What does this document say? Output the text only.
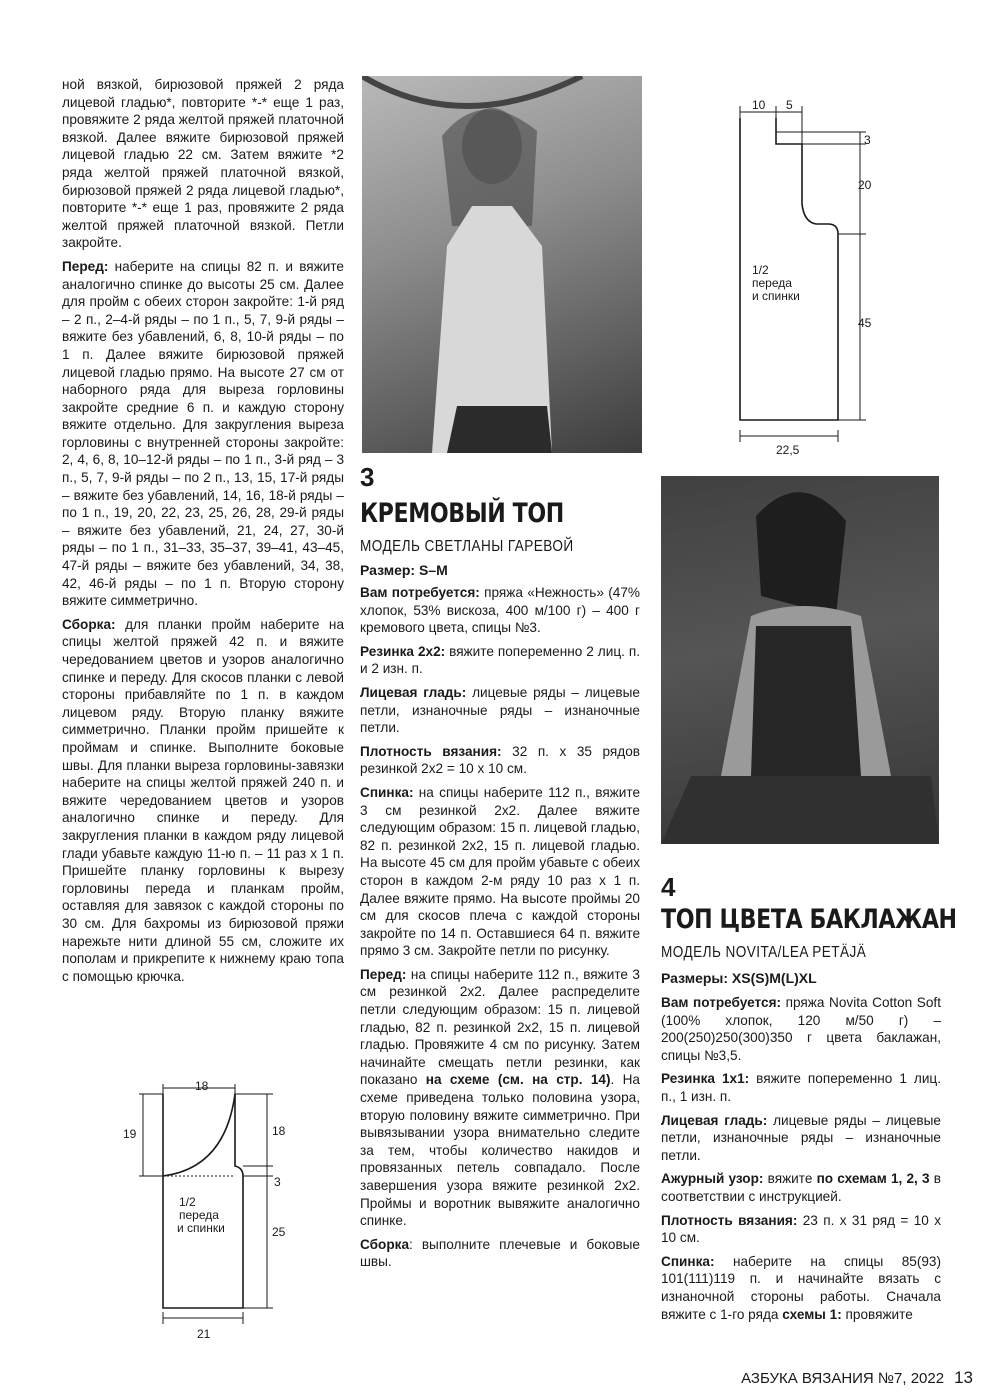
ной вязкой, бирюзовой пряжей 2 ряда лицевой гладью*, повторите *-* еще 1 раз, провяжите 2 ряда желтой пряжей платочной вязкой. Далее вяжите бирюзовой пряжей лицевой гладью 22 см. Затем вяжите *2 ряда желтой пряжей платочной вязкой, бирюзовой пряжей 2 ряда лицевой гладью*, повторите *-* еще 1 раз, провяжите 2 ряда желтой пряжей платочной вязкой. Петли закройте.

Перед: наберите на спицы 82 п. и вяжите аналогично спинке до высоты 25 см. Далее для пройм с обеих сторон закройте: 1-й ряд – 2 п., 2–4-й ряды – по 1 п., 5, 7, 9-й ряды – вяжите без убавлений, 6, 8, 10-й ряды – по 1 п. Далее вяжите бирюзовой пряжей лицевой гладью прямо. На высоте 27 см от наборного ряда для выреза горловины закройте средние 6 п. и каждую сторону вяжите отдельно. Для закругления выреза горловины с внутренней стороны закройте: 2, 4, 6, 8, 10–12-й ряды – по 1 п., 3-й ряд – 3 п., 5, 7, 9-й ряды – по 2 п., 13, 15, 17-й ряды – вяжите без убавлений, 14, 16, 18-й ряды – по 1 п., 19, 20, 22, 23, 25, 26, 28, 29-й ряды – вяжите без убавлений, 21, 24, 27, 30-й ряды – по 1 п., 31–33, 35–37, 39–41, 43–45, 47-й ряды – вяжите без убавлений, 34, 38, 42, 46-й ряды – по 1 п. Вторую сторону вяжите симметрично.

Сборка: для планки пройм наберите на спицы желтой пряжей 42 п. и вяжите чередованием цветов и узоров аналогично спинке и переду. Для скосов планки с левой стороны прибавляйте по 1 п. в каждом лицевом ряду. Вторую планку вяжите симметрично. Планки пройм пришейте к проймам и спинке. Выполните боковые швы. Для планки выреза горловины-завязки наберите на спицы желтой пряжей 240 п. и вяжите чередованием цветов и узоров аналогично спинке и переду. Для закругления планки в каждом ряду лицевой глади убавьте каждую 11-ю п. – 11 раз x 1 п. Пришейте планку горловины к вырезу горловины переда и планкам пройм, оставляя для завязок с каждой стороны по 30 см. Для бахромы из бирюзовой пряжи нарежьте нити длиной 55 см, сложите их пополам и прикрепите к нижнему краю топа с помощью крючка.

18
19	18
3
25
21
1/2
переда
и спинки
3
КРЕМОВЫЙ ТОП
МОДЕЛЬ СВЕТЛАНЫ ГАРЕВОЙ
Размер: S–M

Вам потребуется: пряжа «Нежность» (47% хлопок, 53% вискоза, 400 м/100 г) – 400 г кремового цвета, спицы №3.

Резинка 2х2: вяжите попеременно 2 лиц. п. и 2 изн. п.

Лицевая гладь: лицевые ряды – лицевые петли, изнаночные ряды – изнаночные петли.

Плотность вязания: 32 п. х 35 рядов резинкой 2х2 = 10 х 10 см.

Спинка: на спицы наберите 112 п., вяжите 3 см резинкой 2х2. Далее вяжите следующим образом: 15 п. лицевой гладью, 82 п. резинкой 2х2, 15 п. лицевой гладью. На высоте 45 см для пройм убавьте с обеих сторон в каждом 2-м ряду 10 раз х 1 п. Далее вяжите прямо. На высоте проймы 20 см для скосов плеча с каждой стороны закройте по 14 п. Оставшиеся 64 п. вяжите прямо 3 см. Закройте петли по рисунку.

Перед: на спицы наберите 112 п., вяжите 3 см резинкой 2х2. Далее распределите петли следующим образом: 15 п. лицевой гладью, 82 п. резинкой 2х2, 15 п. лицевой гладью. Провяжите 4 см по рисунку. Затем начинайте смещать петли резинки, как показано на схеме (см. на стр. 14). На схеме приведена только половина узора, вторую половину вяжите симметрично. При вывязывании узора внимательно следите за тем, чтобы количество накидов и провязанных петель совпадало. После завершения узора вяжите резинкой 2х2. Проймы и воротник вывяжите аналогично спинке.

Сборка: выполните плечевые и боковые швы.

10 5
3
20
45
22,5
1/2
переда
и спинки
4
ТОП ЦВЕТА БАКЛАЖАН
МОДЕЛЬ NOVITA/LEA PETÄJÄ
Размеры: XS(S)M(L)XL

Вам потребуется: пряжа Novita Cotton Soft (100% хлопок, 120 м/50 г) – 200(250)250(300)350 г цвета баклажан, спицы №3,5.

Резинка 1х1: вяжите попеременно 1 лиц. п., 1 изн. п.

Лицевая гладь: лицевые ряды – лицевые петли, изнаночные ряды – изнаночные петли.

Ажурный узор: вяжите по схемам 1, 2, 3 в соответствии с инструкцией.

Плотность вязания: 23 п. х 31 ряд = 10 х 10 см.

Спинка: наберите на спицы 85(93) 101(111)119 п. и начинайте вязать с изнаночной стороны работы. Сначала вяжите с 1-го ряда схемы 1: провяжите

АЗБУКА ВЯЗАНИЯ №7, 2022 13
